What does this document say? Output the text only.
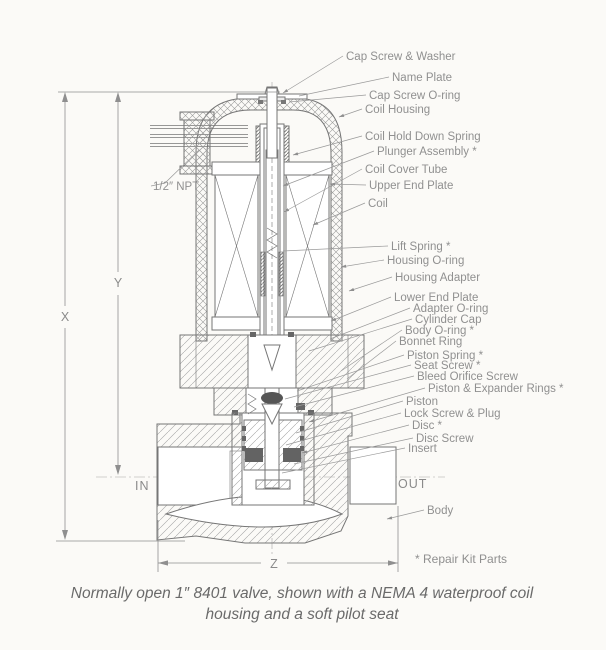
Cap Screw & Washer
Name Plate
Cap Screw O-ring
Coil Housing
Coil Hold Down Spring
Plunger Assembly *
Coil Cover Tube
Upper End Plate
Coil
Lift Spring *
Housing O-ring
Housing Adapter
Lower End Plate
Adapter O-ring
Cylinder Cap
Body O-ring *
Bonnet Ring
Piston Spring *
Seat Screw *
Bleed Orifice Screw
Piston & Expander Rings *
Piston
Lock Screw & Plug
Disc *
Disc Screw
Insert
Body
1/2″ NPT
X
Y
Z
IN	OUT
* Repair Kit Parts
Normally open 1″ 8401 valve, shown with a NEMA 4 waterproof coil
housing and a soft pilot seat
